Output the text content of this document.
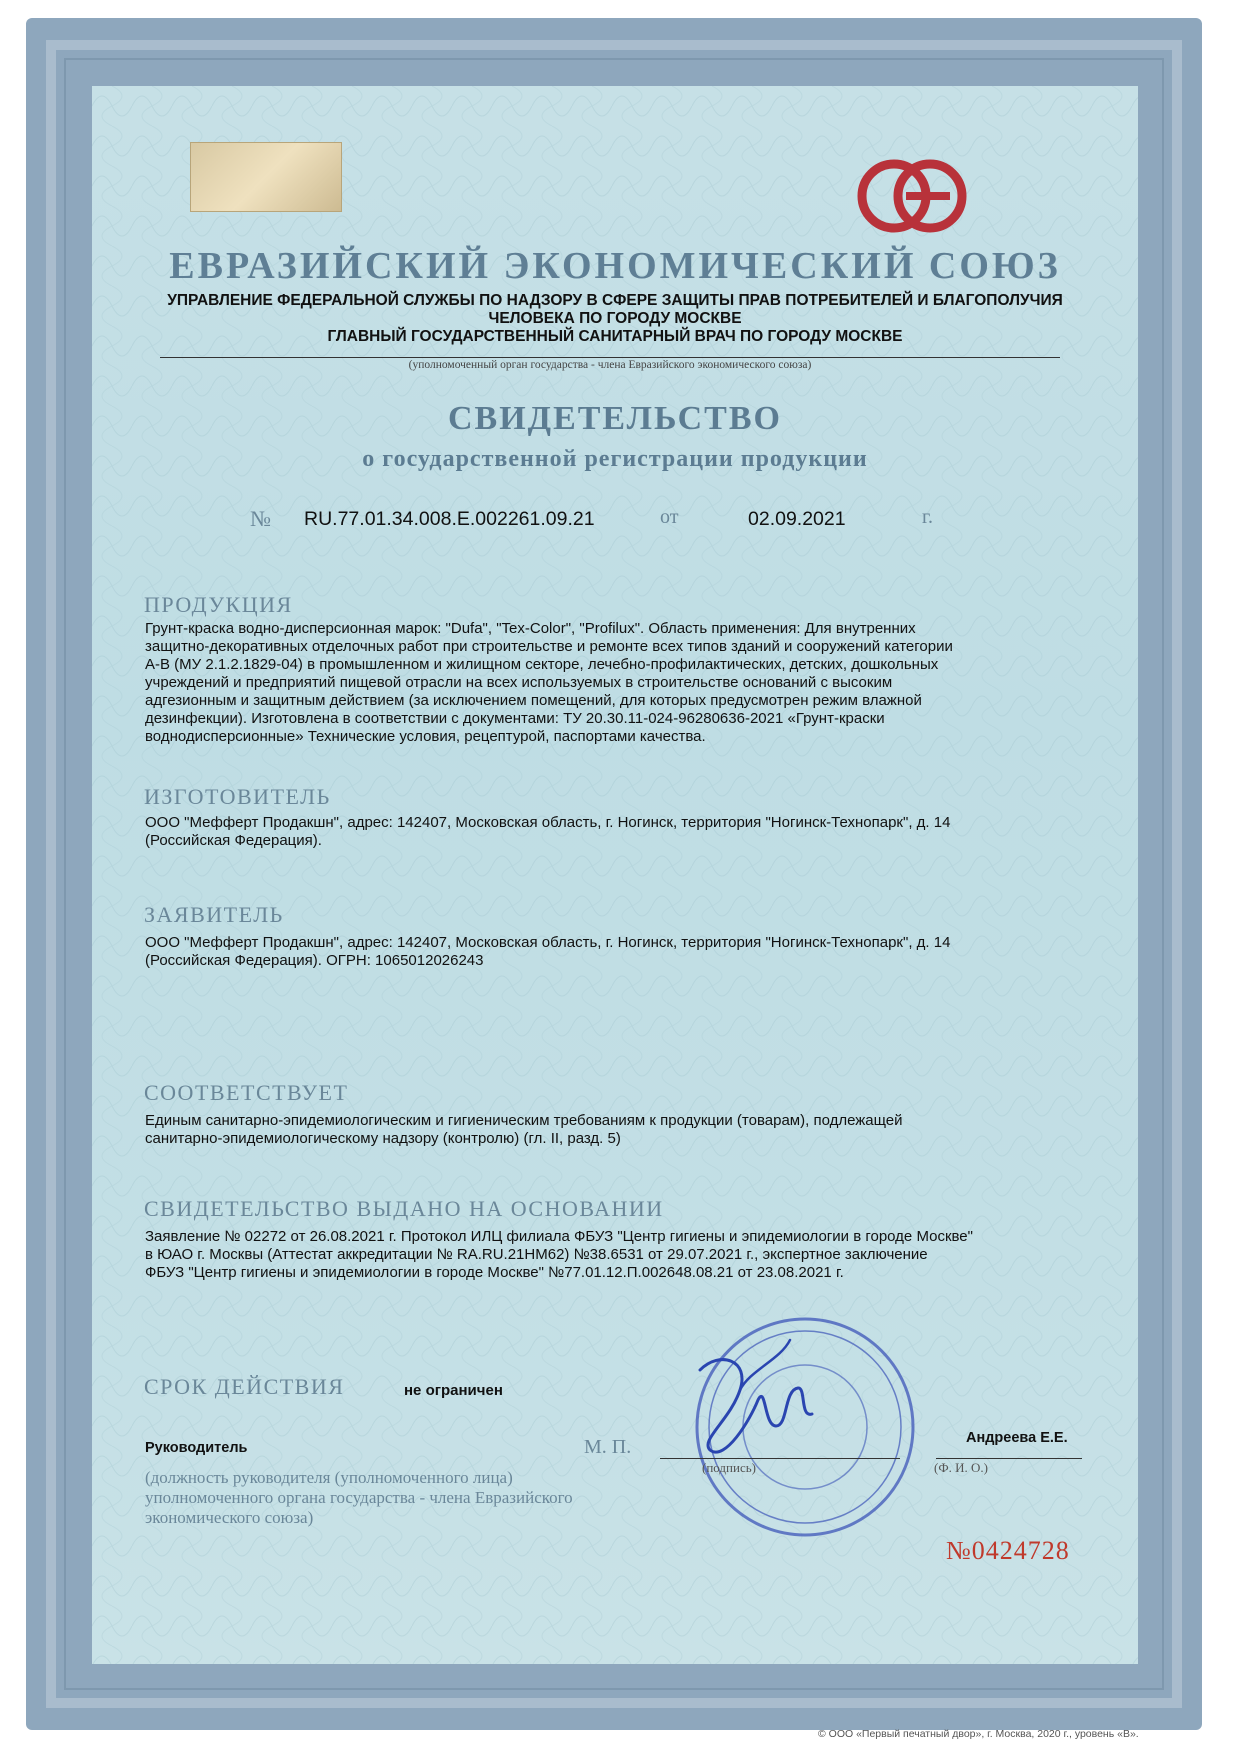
ЕВРАЗИЙСКИЙ ЭКОНОМИЧЕСКИЙ СОЮЗ
УПРАВЛЕНИЕ ФЕДЕРАЛЬНОЙ СЛУЖБЫ ПО НАДЗОРУ В СФЕРЕ ЗАЩИТЫ ПРАВ ПОТРЕБИТЕЛЕЙ И БЛАГОПОЛУЧИЯ
ЧЕЛОВЕКА ПО ГОРОДУ МОСКВЕ
ГЛАВНЫЙ ГОСУДАРСТВЕННЫЙ САНИТАРНЫЙ ВРАЧ ПО ГОРОДУ МОСКВЕ
(уполномоченный орган государства - члена Евразийского экономического союза)
СВИДЕТЕЛЬСТВО
о государственной регистрации продукции
№ RU.77.01.34.008.Е.002261.09.21	от	02.09.2021	г.
ПРОДУКЦИЯ
Грунт-краска водно-дисперсионная марок: "Dufa", "Tex-Color", "Profilux". Область применения: Для внутренних
защитно-декоративных отделочных работ при строительстве и ремонте всех типов зданий и сооружений категории
А-В (МУ 2.1.2.1829-04) в промышленном и жилищном секторе, лечебно-профилактических, детских, дошкольных
учреждений и предприятий пищевой отрасли на всех используемых в строительстве оснований с высоким
адгезионным и защитным действием (за исключением помещений, для которых предусмотрен режим влажной
дезинфекции). Изготовлена в соответствии с документами: ТУ 20.30.11-024-96280636-2021 «Грунт-краски
воднодисперсионные» Технические условия, рецептурой, паспортами качества.
ИЗГОТОВИТЕЛЬ
ООО "Мефферт Продакшн", адрес: 142407, Московская область, г. Ногинск, территория "Ногинск-Технопарк", д. 14
(Российская Федерация).
ЗАЯВИТЕЛЬ
ООО "Мефферт Продакшн", адрес: 142407, Московская область, г. Ногинск, территория "Ногинск-Технопарк", д. 14
(Российская Федерация). ОГРН: 1065012026243
СООТВЕТСТВУЕТ
Единым санитарно-эпидемиологическим и гигиеническим требованиям к продукции (товарам), подлежащей
санитарно-эпидемиологическому надзору (контролю) (гл. II, разд. 5)
СВИДЕТЕЛЬСТВО ВЫДАНО НА ОСНОВАНИИ
Заявление № 02272 от 26.08.2021 г. Протокол ИЛЦ филиала ФБУЗ "Центр гигиены и эпидемиологии в городе Москве"
в ЮАО г. Москвы (Аттестат аккредитации № RA.RU.21НМ62) №38.6531 от 29.07.2021 г., экспертное заключение
ФБУЗ "Центр гигиены и эпидемиологии в городе Москве" №77.01.12.П.002648.08.21 от 23.08.2021 г.
СРОК ДЕЙСТВИЯ	не ограничен
Руководитель	М. П.	Андреева Е.Е.
(подпись)	(Ф. И. О.)
(должность руководителя (уполномоченного лица) уполномоченного органа государства - члена Евразийского экономического союза)
№0424728
© ООО «Первый печатный двор», г. Москва, 2020 г., уровень «В».
